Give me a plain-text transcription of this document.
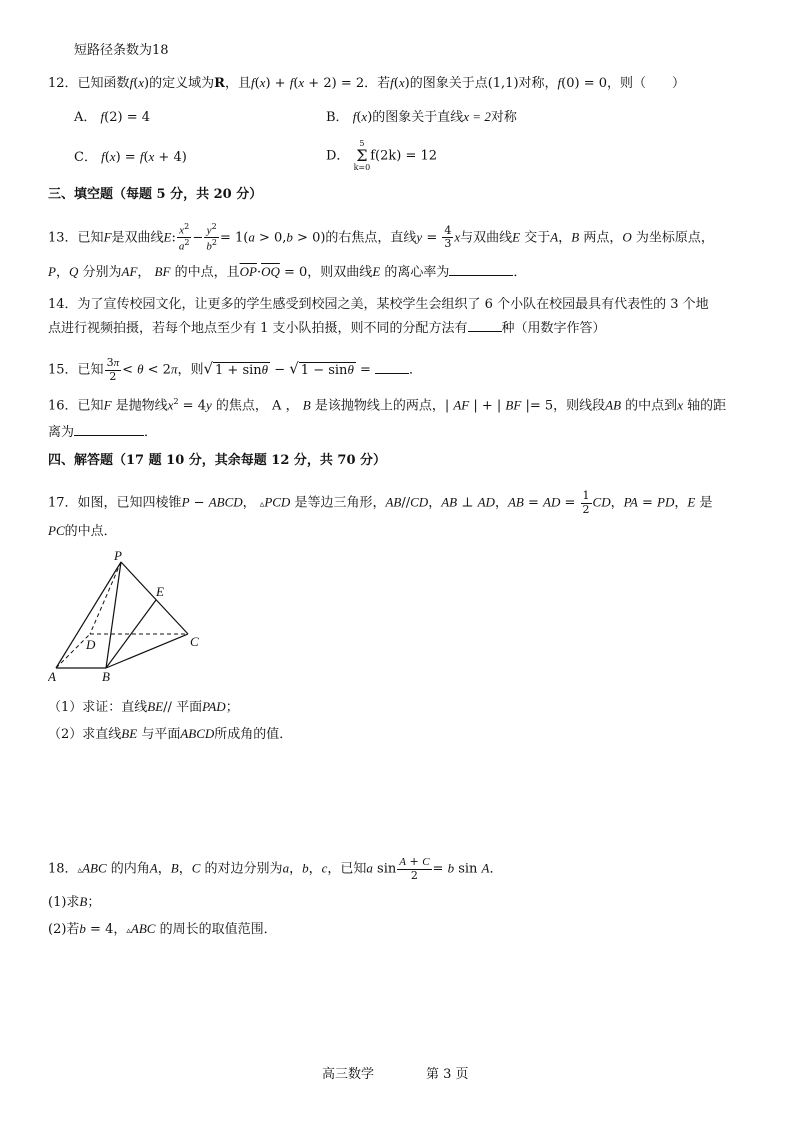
短路径条数为18
12．已知函数f(x)的定义域为R，且f(x) + f(x + 2) = 2．若f(x)的图象关于点(1,1)对称，f(0) = 0，则（　　）
A． f(2) = 4	B． f(x)的图象关于直线x = 2对称
C． f(x) = f(x + 4)	D． 5
Σ
k=0f(2k) = 12
三、填空题（每题 5 分，共 20 分）
13．已知F是双曲线E: $\frac{x^2}{a^2} - \frac{y^2}{b^2} = 1(a > 0,b > 0)$的右焦点，直线$y = \frac{4}{3}$ x与双曲线E 交于A，B 两点，O 为坐标原点，
P，Q 分别为AF， BF 的中点，且$\overline{OP}\cdot\overline{OQ} = 0$，则双曲线E 的离心率为	．
14．为了宣传校园文化，让更多的学生感受到校园之美，某校学生会组织了 6 个小队在校园最具有代表性的 3 个地
点进行视频拍摄，若每个地点至少有 1 支小队拍摄，则不同的分配方法有	种（用数字作答）
15．已知 $\frac{3\pi}{2} < \theta < 2\pi$，则√ 1 + sinθ − √ 1 − sinθ =	．
16．已知F 是抛物线$x^2 = 4y$ 的焦点， A ， B 是该抛物线上的两点，| AF | + | BF |= 5，则线段AB 的中点到x 轴的距
离为	．
四、解答题（17 题 10 分，其余每题 12 分，共 70 分）
17．如图，已知四棱锥P − ABCD， ▵PCD 是等边三角形，AB//CD，AB ⊥ AD，AB = AD = $\frac{1}{2}$ CD，PA = PD，E 是
PC的中点．
P
E
D	C
A	B
（1）求证：直线BE// 平面PAD；
（2）求直线BE 与平面ABCD所成角的值．
18．▵ABC 的内角A，B，C 的对边分别为a，b，c，已知a $\sin \frac{A + C}{2} = b$ sin A．
(1)求B；
(2)若b = 4，▵ABC 的周长的取值范围．
高三数学	第 3 页
